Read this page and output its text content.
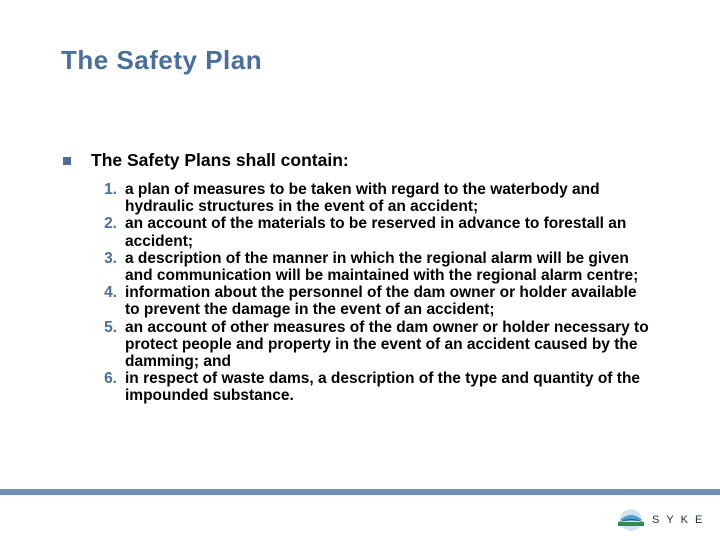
The Safety Plan
The Safety Plans shall contain:
1. a plan of measures to be taken with regard to the waterbody and hydraulic structures in the event of an accident;
2. an account of the materials to be reserved in advance to forestall an accident;
3. a description of the manner in which the regional alarm will be given and communication will be maintained with the regional alarm centre;
4. information about the personnel of the dam owner or holder available to prevent the damage in the event of an accident;
5. an account of other measures of the dam owner or holder necessary to protect people and property in the event of an accident caused by the damming; and
6. in respect of waste dams, a description of the type and quantity of the impounded substance.
SYKE
